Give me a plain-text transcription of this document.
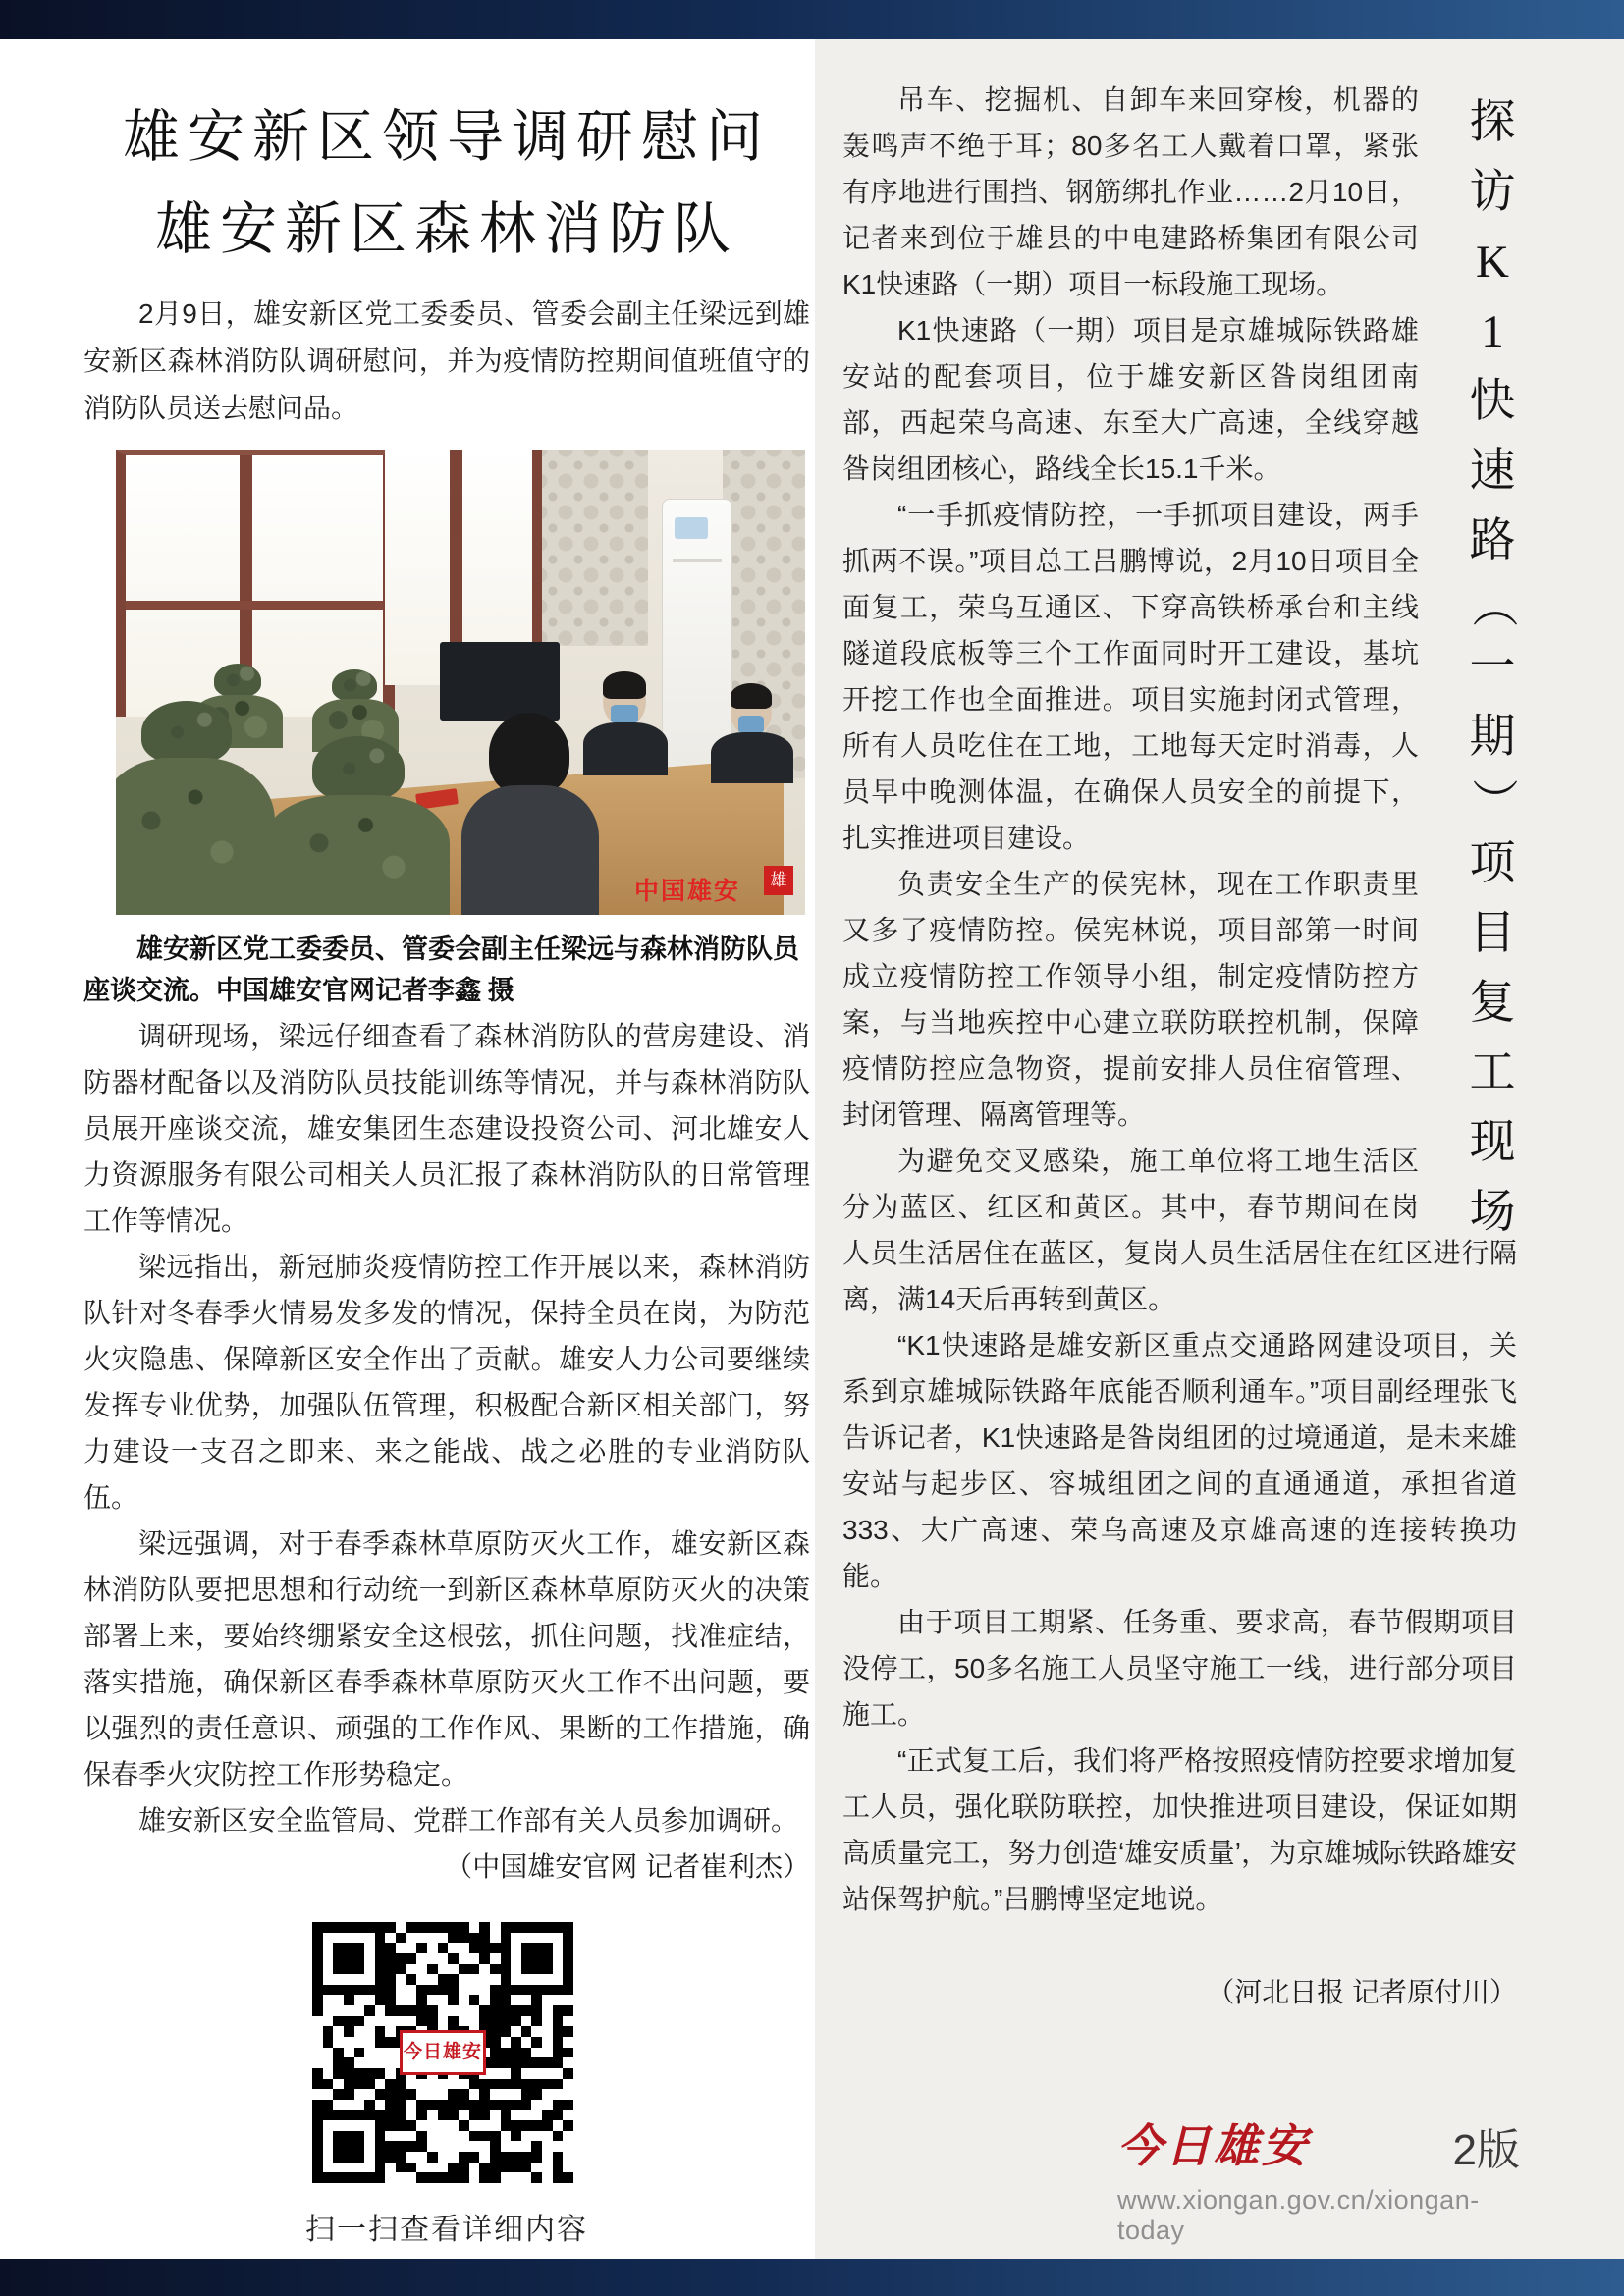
雄安新区领导调研慰问
雄安新区森林消防队
2月9日，雄安新区党工委委员、管委会副主任梁远到雄安新区森林消防队调研慰问，并为疫情防控期间值班值守的消防队员送去慰问品。
中国雄安	雄
雄安新区党工委委员、管委会副主任梁远与森林消防队员座谈交流。中国雄安官网记者李鑫 摄

调研现场，梁远仔细查看了森林消防队的营房建设、消防器材配备以及消防队员技能训练等情况，并与森林消防队员展开座谈交流，雄安集团生态建设投资公司、河北雄安人力资源服务有限公司相关人员汇报了森林消防队的日常管理工作等情况。

梁远指出，新冠肺炎疫情防控工作开展以来，森林消防队针对冬春季火情易发多发的情况，保持全员在岗，为防范火灾隐患、保障新区安全作出了贡献。雄安人力公司要继续发挥专业优势，加强队伍管理，积极配合新区相关部门，努力建设一支召之即来、来之能战、战之必胜的专业消防队伍。

梁远强调，对于春季森林草原防灭火工作，雄安新区森林消防队要把思想和行动统一到新区森林草原防灭火的决策部署上来，要始终绷紧安全这根弦，抓住问题，找准症结，落实措施，确保新区春季森林草原防灭火工作不出问题，要以强烈的责任意识、顽强的工作作风、果断的工作措施，确保春季火灾防控工作形势稳定。

雄安新区安全监管局、党群工作部有关人员参加调研。

（中国雄安官网 记者崔利杰）

今日雄安
扫一扫查看详细内容

吊车、挖掘机、自卸车来回穿梭，机器的轰鸣声不绝于耳；80多名工人戴着口罩，紧张有序地进行围挡、钢筋绑扎作业……2月10日，记者来到位于雄县的中电建路桥集团有限公司K1快速路（一期）项目一标段施工现场。

K1快速路（一期）项目是京雄城际铁路雄安站的配套项目，位于雄安新区昝岗组团南部，西起荣乌高速、东至大广高速，全线穿越昝岗组团核心，路线全长15.1千米。

“一手抓疫情防控，一手抓项目建设，两手抓两不误。”项目总工吕鹏博说，2月10日项目全面复工，荣乌互通区、下穿高铁桥承台和主线隧道段底板等三个工作面同时开工建设，基坑开挖工作也全面推进。项目实施封闭式管理，所有人员吃住在工地，工地每天定时消毒，人员早中晚测体温，在确保人员安全的前提下，扎实推进项目建设。

负责安全生产的侯宪林，现在工作职责里又多了疫情防控。侯宪林说，项目部第一时间成立疫情防控工作领导小组，制定疫情防控方案，与当地疾控中心建立联防联控机制，保障疫情防控应急物资，提前安排人员住宿管理、封闭管理、隔离管理等。

为避免交叉感染，施工单位将工地生活区分为蓝区、红区和黄区。其中，春节期间在岗人员生活居住在蓝区，复岗人员生活居住在红区进行隔离，满14天后再转到黄区。

“K1快速路是雄安新区重点交通路网建设项目，关系到京雄城际铁路年底能否顺利通车。”项目副经理张飞告诉记者，K1快速路是昝岗组团的过境通道，是未来雄安站与起步区、容城组团之间的直通通道，承担省道333、大广高速、荣乌高速及京雄高速的连接转换功能。

由于项目工期紧、任务重、要求高，春节假期项目没停工，50多名施工人员坚守施工一线，进行部分项目施工。

“正式复工后，我们将严格按照疫情防控要求增加复工人员，强化联防联控，加快推进项目建设，保证如期高质量完工，努力创造‘雄安质量’，为京雄城际铁路雄安站保驾护航。”吕鹏博坚定地说。

（河北日报 记者原付川）

探
访
K
1
快
速
路
（
一
期
）
项
目
复
工
现
场
今日雄安	2版
www.xiongan.gov.cn/xiongan-today
